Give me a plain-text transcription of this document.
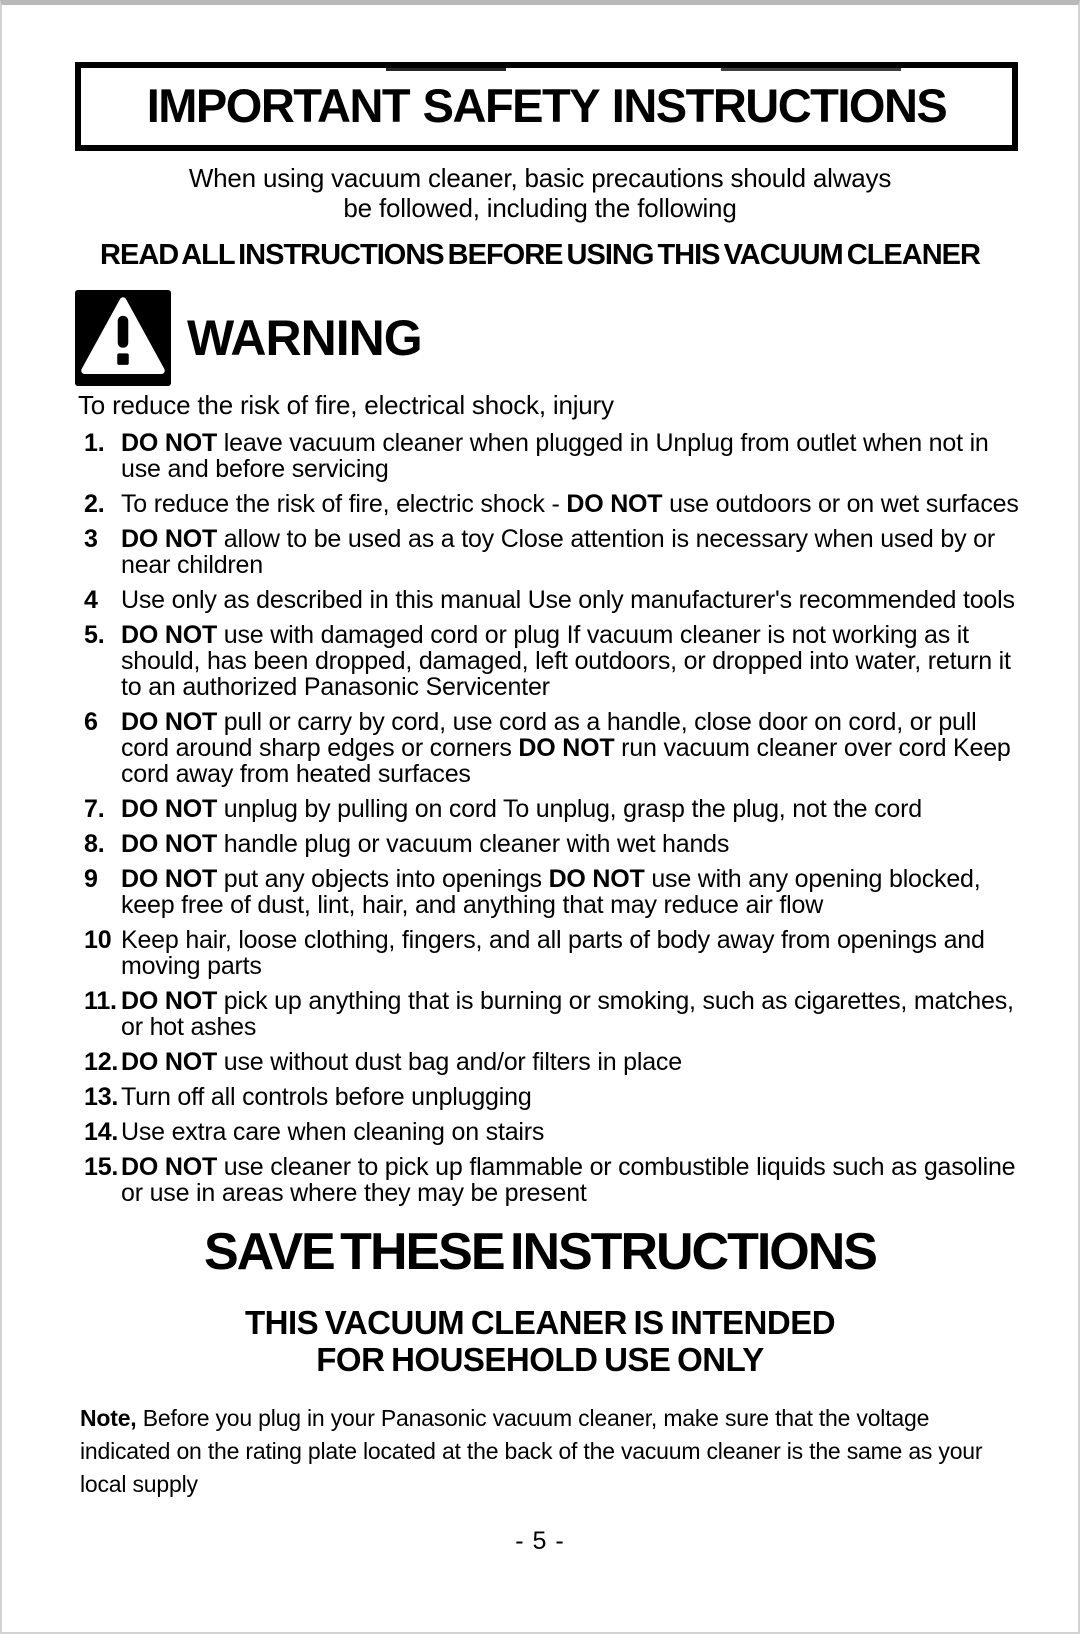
IMPORTANT SAFETY INSTRUCTIONS
When using vacuum cleaner, basic precautions should always
be followed, including the following
READ ALL INSTRUCTIONS BEFORE USING THIS VACUUM CLEANER
WARNING
To reduce the risk of fire, electrical shock, injury
1. DO NOT leave vacuum cleaner when plugged in Unplug from outlet when not in use and before servicing
2. To reduce the risk of fire, electric shock - DO NOT use outdoors or on wet surfaces
3 DO NOT allow to be used as a toy Close attention is necessary when used by or near children
4 Use only as described in this manual Use only manufacturer's recommended tools
5. DO NOT use with damaged cord or plug If vacuum cleaner is not working as it should, has been dropped, damaged, left outdoors, or dropped into water, return it to an authorized Panasonic Servicenter
6 DO NOT pull or carry by cord, use cord as a handle, close door on cord, or pull cord around sharp edges or corners DO NOT run vacuum cleaner over cord Keep cord away from heated surfaces
7. DO NOT unplug by pulling on cord To unplug, grasp the plug, not the cord
8. DO NOT handle plug or vacuum cleaner with wet hands
9 DO NOT put any objects into openings DO NOT use with any opening blocked, keep free of dust, lint, hair, and anything that may reduce air flow
10 Keep hair, loose clothing, fingers, and all parts of body away from openings and moving parts
11. DO NOT pick up anything that is burning or smoking, such as cigarettes, matches, or hot ashes
12. DO NOT use without dust bag and/or filters in place
13. Turn off all controls before unplugging
14. Use extra care when cleaning on stairs
15. DO NOT use cleaner to pick up flammable or combustible liquids such as gasoline or use in areas where they may be present
SAVE THESE INSTRUCTIONS
THIS VACUUM CLEANER IS INTENDED
FOR HOUSEHOLD USE ONLY

Note, Before you plug in your Panasonic vacuum cleaner, make sure that the voltage indicated on the rating plate located at the back of the vacuum cleaner is the same as your local supply

- 5 -
